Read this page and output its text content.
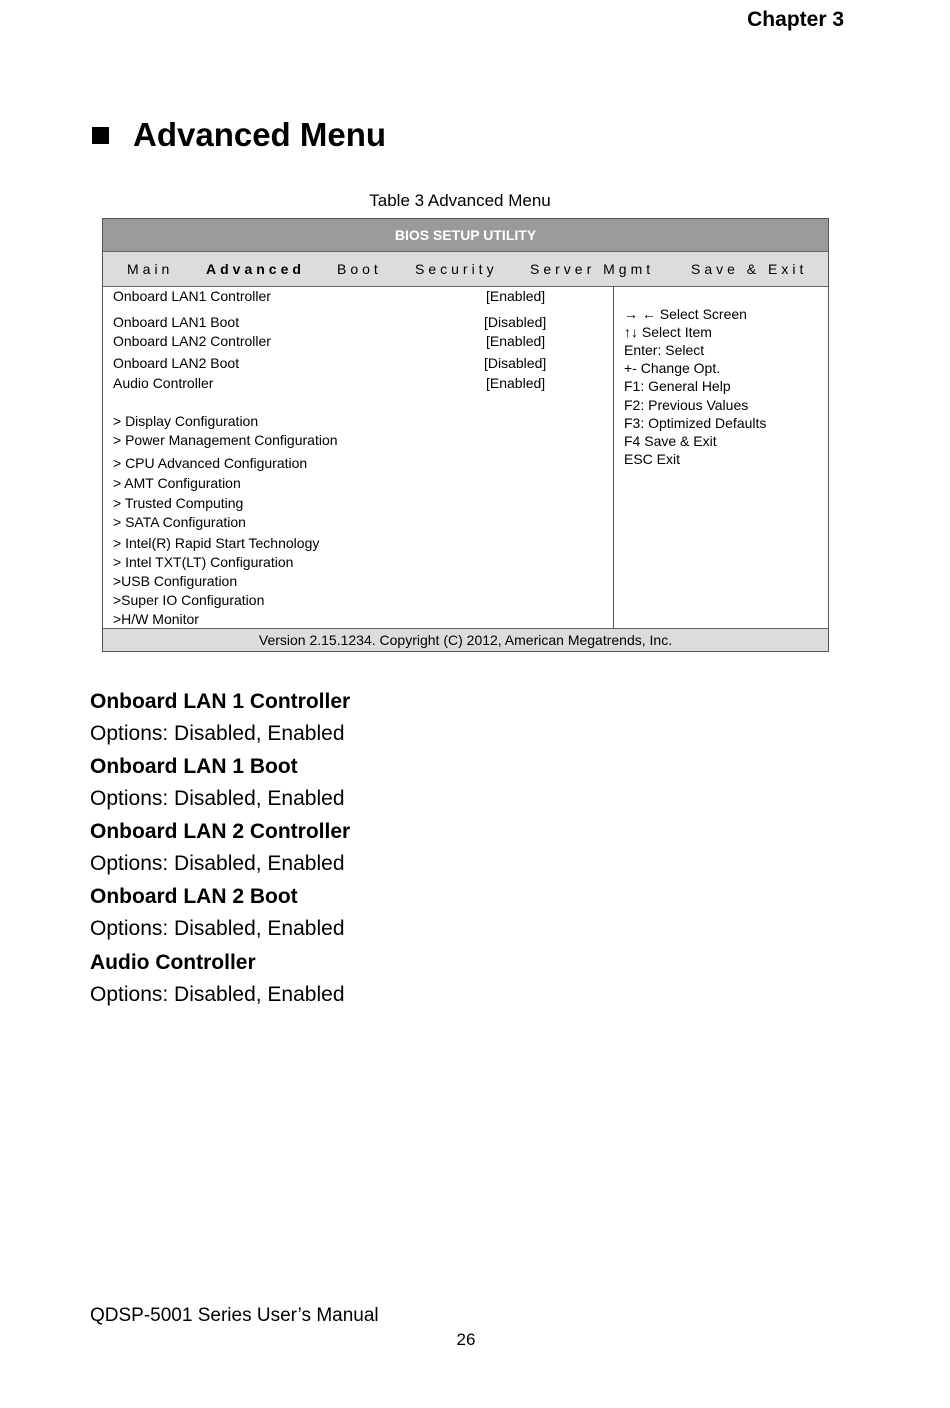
Chapter 3
Advanced Menu
Table 3 Advanced Menu
BIOS SETUP UTILITY
Main Advanced Boot Security Server Mgmt	Save & Exit
Onboard LAN1 Controller	[Enabled]
Onboard LAN1 Boot	[Disabled]
Onboard LAN2 Controller	[Enabled]
Onboard LAN2 Boot	[Disabled]
Audio Controller	[Enabled]
> Display Configuration
> Power Management Configuration
> CPU Advanced Configuration
> AMT Configuration
> Trusted Computing
> SATA Configuration
> Intel(R) Rapid Start Technology
> Intel TXT(LT) Configuration
>USB Configuration
>Super IO Configuration
>H/W Monitor
→ ← Select Screen
↑↓ Select Item
Enter: Select
+- Change Opt.
F1: General Help
F2: Previous Values
F3: Optimized Defaults
F4 Save & Exit
ESC Exit
Version 2.15.1234. Copyright (C) 2012, American Megatrends, Inc.
Onboard LAN 1 Controller
Options: Disabled, Enabled
Onboard LAN 1 Boot
Options: Disabled, Enabled
Onboard LAN 2 Controller
Options: Disabled, Enabled
Onboard LAN 2 Boot
Options: Disabled, Enabled
Audio Controller
Options: Disabled, Enabled
QDSP-5001 Series User’s Manual
26
